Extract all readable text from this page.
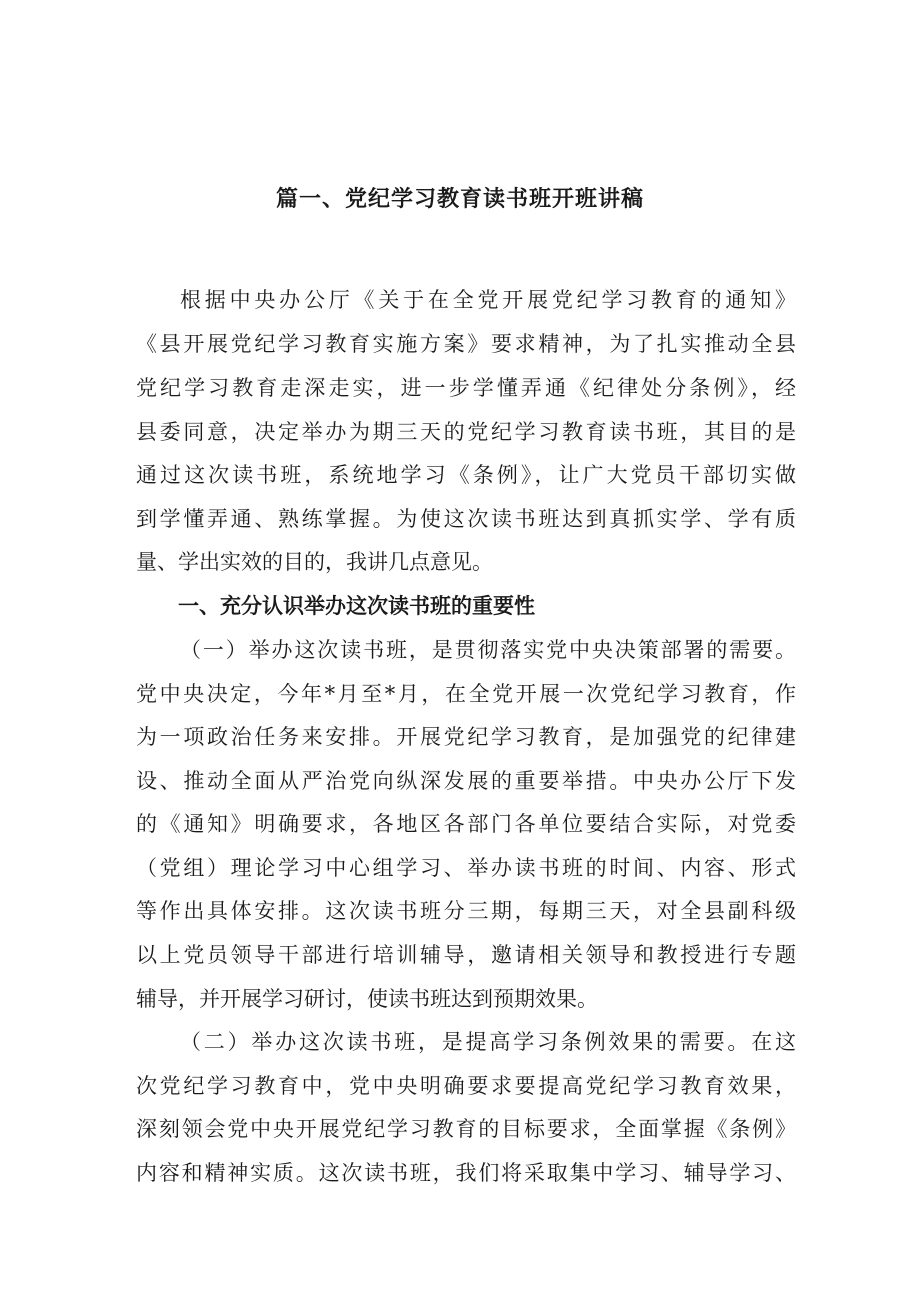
篇一、党纪学习教育读书班开班讲稿
根据中央办公厅《关于在全党开展党纪学习教育的通知》
《县开展党纪学习教育实施方案》要求精神，为了扎实推动全县
党纪学习教育走深走实，进一步学懂弄通《纪律处分条例》，经
县委同意，决定举办为期三天的党纪学习教育读书班，其目的是
通过这次读书班，系统地学习《条例》，让广大党员干部切实做
到学懂弄通、熟练掌握。为使这次读书班达到真抓实学、学有质
量、学出实效的目的，我讲几点意见。
一、充分认识举办这次读书班的重要性
（一）举办这次读书班，是贯彻落实党中央决策部署的需要。
党中央决定，今年*月至*月，在全党开展一次党纪学习教育，作
为一项政治任务来安排。开展党纪学习教育，是加强党的纪律建
设、推动全面从严治党向纵深发展的重要举措。中央办公厅下发
的《通知》明确要求，各地区各部门各单位要结合实际，对党委
（党组）理论学习中心组学习、举办读书班的时间、内容、形式
等作出具体安排。这次读书班分三期，每期三天，对全县副科级
以上党员领导干部进行培训辅导，邀请相关领导和教授进行专题
辅导，并开展学习研讨，使读书班达到预期效果。
（二）举办这次读书班，是提高学习条例效果的需要。在这
次党纪学习教育中，党中央明确要求要提高党纪学习教育效果，
深刻领会党中央开展党纪学习教育的目标要求，全面掌握《条例》
内容和精神实质。这次读书班，我们将采取集中学习、辅导学习、
